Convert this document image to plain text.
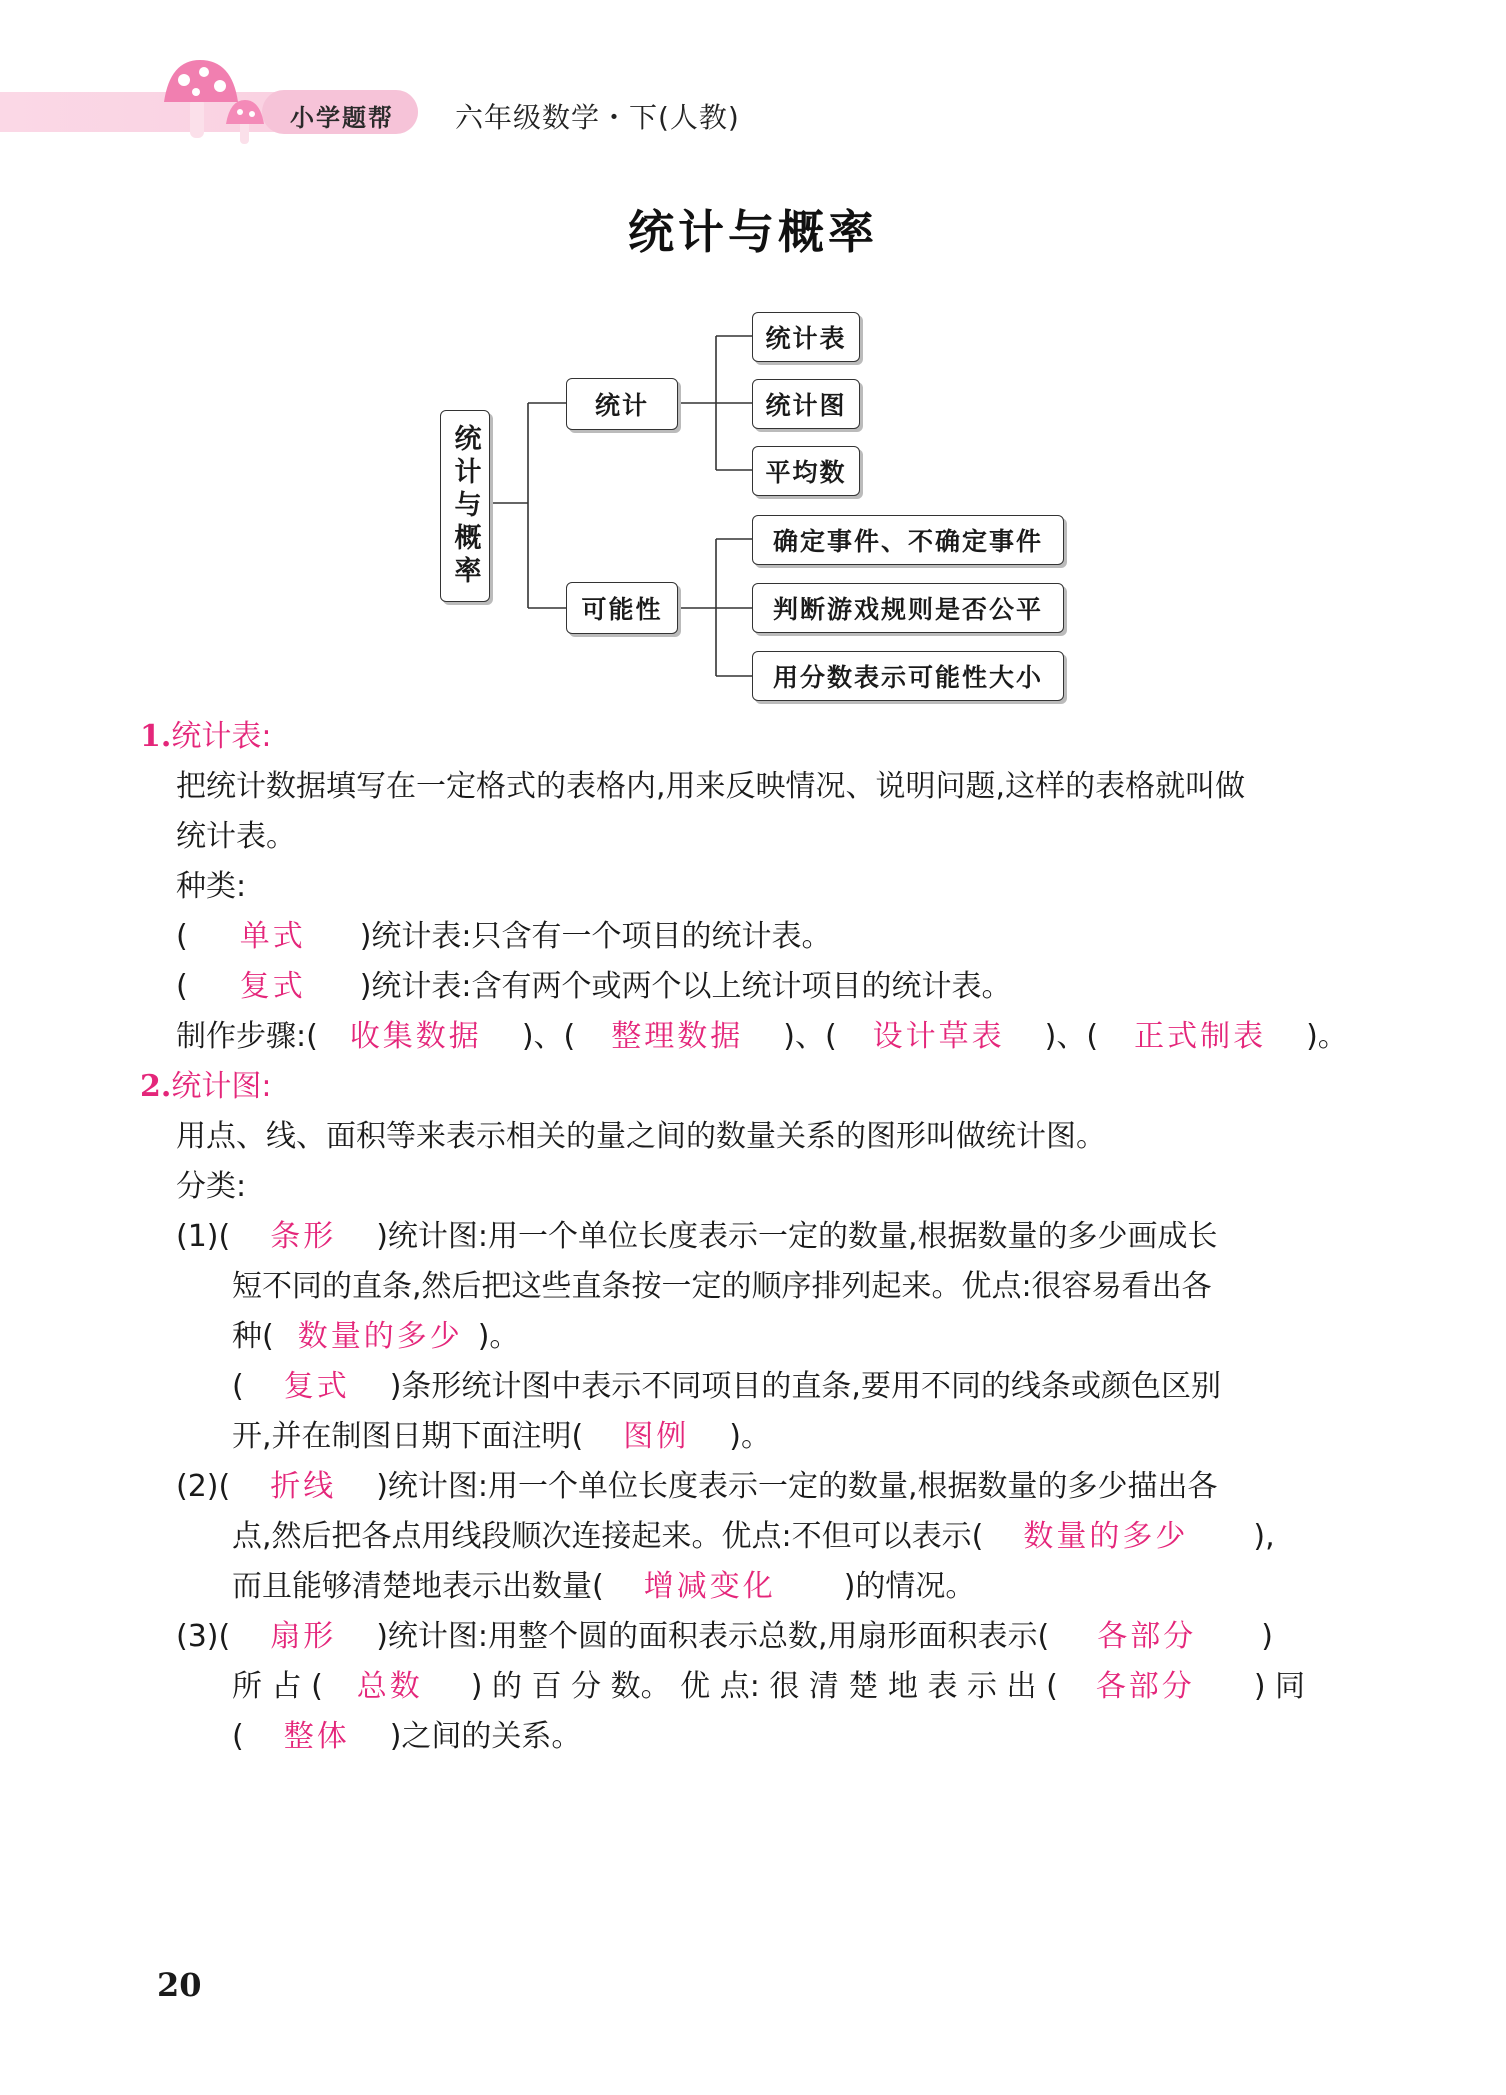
小学题帮 六年级数学・下(人教)
统计与概率
统计与概率
统计
可能性
统计表
统计图
平均数
确定事件、不确定事件
判断游戏规则是否公平
用分数表示可能性大小
1.统计表:
把统计数据填写在一定格式的表格内,用来反映情况、说明问题,这样的表格就叫做
统计表。
种类:
( 单式 )统计表:只含有一个项目的统计表。
( 复式 )统计表:含有两个或两个以上统计项目的统计表。
制作步骤:( 收集数据 )、( 整理数据 )、( 设计草表 )、( 正式制表 )。
2.统计图:
用点、线、面积等来表示相关的量之间的数量关系的图形叫做统计图。
分类:
(1)( 条形 )统计图:用一个单位长度表示一定的数量,根据数量的多少画成长
短不同的直条,然后把这些直条按一定的顺序排列起来。优点:很容易看出各
种( 数量的多少 )。
( 复式 )条形统计图中表示不同项目的直条,要用不同的线条或颜色区别
开,并在制图日期下面注明( 图例 )。
(2)( 折线 )统计图:用一个单位长度表示一定的数量,根据数量的多少描出各
点,然后把各点用线段顺次连接起来。优点:不但可以表示( 数量的多少 ),
而且能够清楚地表示出数量( 增减变化 )的情况。
(3)( 扇形 )统计图:用整个圆的面积表示总数,用扇形面积表示( 各部分 )
所 占 ( 总数 ) 的 百 分 数。 优 点: 很 清 楚 地 表 示 出 ( 各部分 ) 同
( 整体 )之间的关系。
20
